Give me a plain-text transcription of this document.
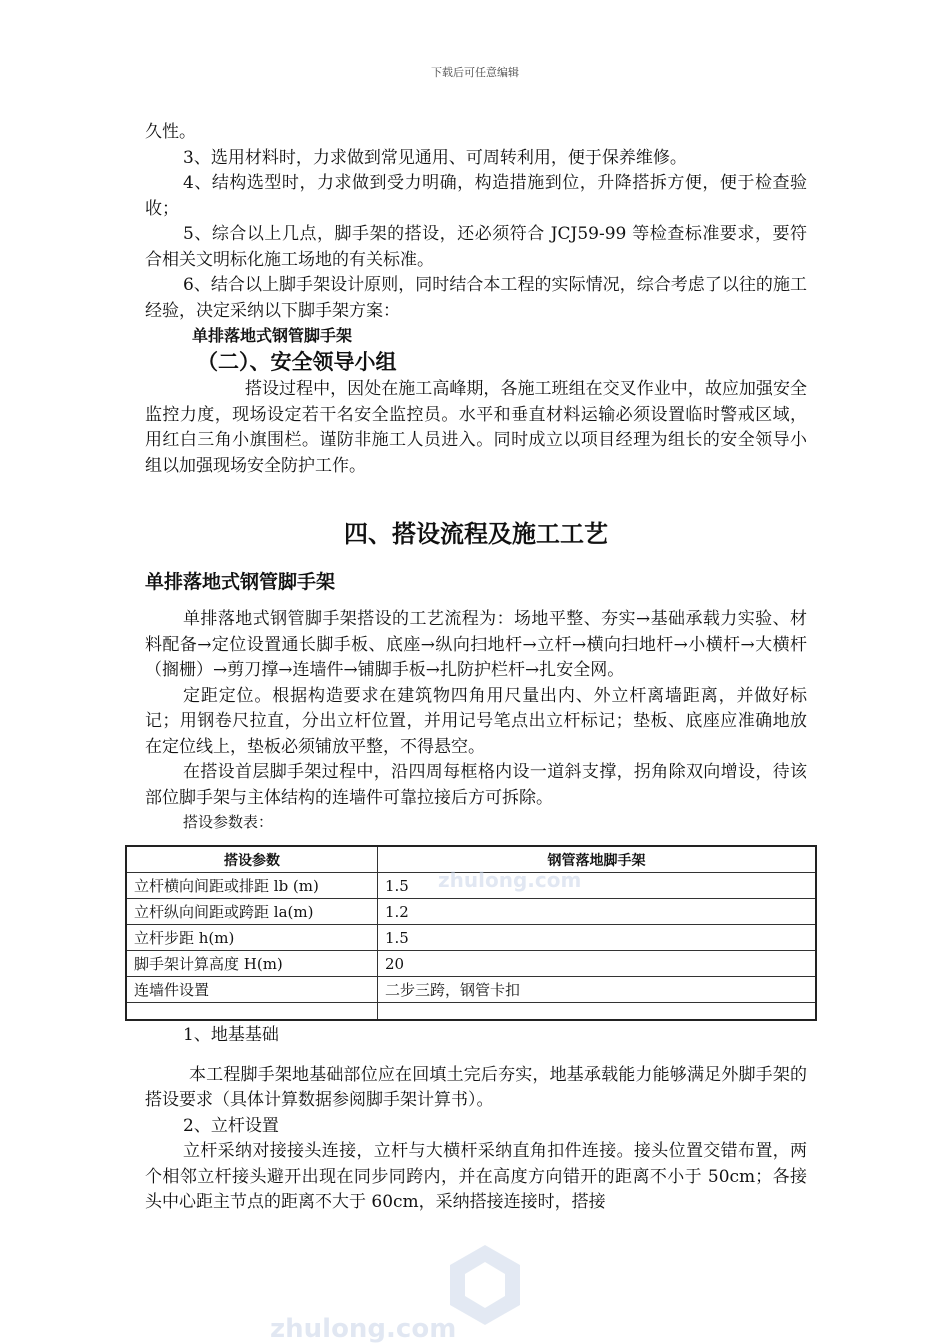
下载后可任意编辑

久性。

3、选用材料时，力求做到常见通用、可周转利用，便于保养维修。

4、结构选型时，力求做到受力明确，构造措施到位，升降搭拆方便，便于检查验收；

5、综合以上几点，脚手架的搭设，还必须符合 JCJ59-99 等检查标准要求，要符合相关文明标化施工场地的有关标准。

6、结合以上脚手架设计原则，同时结合本工程的实际情况，综合考虑了以往的施工经验，决定采纳以下脚手架方案：

单排落地式钢管脚手架
（二）、安全领导小组

搭设过程中，因处在施工高峰期，各施工班组在交叉作业中，故应加强安全监控力度，现场设定若干名安全监控员。水平和垂直材料运输必须设置临时警戒区域，用红白三角小旗围栏。谨防非施工人员进入。同时成立以项目经理为组长的安全领导小组以加强现场安全防护工作。

四、搭设流程及施工工艺
单排落地式钢管脚手架

单排落地式钢管脚手架搭设的工艺流程为：场地平整、夯实→基础承载力实验、材料配备→定位设置通长脚手板、底座→纵向扫地杆→立杆→横向扫地杆→小横杆→大横杆（搁栅）→剪刀撑→连墙件→铺脚手板→扎防护栏杆→扎安全网。

定距定位。根据构造要求在建筑物四角用尺量出内、外立杆离墙距离，并做好标记；用钢卷尺拉直，分出立杆位置，并用记号笔点出立杆标记；垫板、底座应准确地放在定位线上，垫板必须铺放平整，不得悬空。

在搭设首层脚手架过程中，沿四周每框格内设一道斜支撑，拐角除双向增设，待该部位脚手架与主体结构的连墙件可靠拉接后方可拆除。

搭设参数表：
搭设参数	钢管落地脚手架
立杆横向间距或排距 lb (m)	1.5
立杆纵向间距或跨距 la(m)	1.2
立杆步距 h(m)	1.5
脚手架计算高度 H(m)	20
连墙件设置	二步三跨，钢管卡扣

1、地基基础

本工程脚手架地基础部位应在回填土完后夯实，地基承载能力能够满足外脚手架的搭设要求（具体计算数据参阅脚手架计算书）。

2、立杆设置

立杆采纳对接接头连接，立杆与大横杆采纳直角扣件连接。接头位置交错布置，两个相邻立杆接头避开出现在同步同跨内，并在高度方向错开的距离不小于 50cm；各接头中心距主节点的距离不大于 60cm，采纳搭接连接时，搭接

zhulong.com
zhulong.com
